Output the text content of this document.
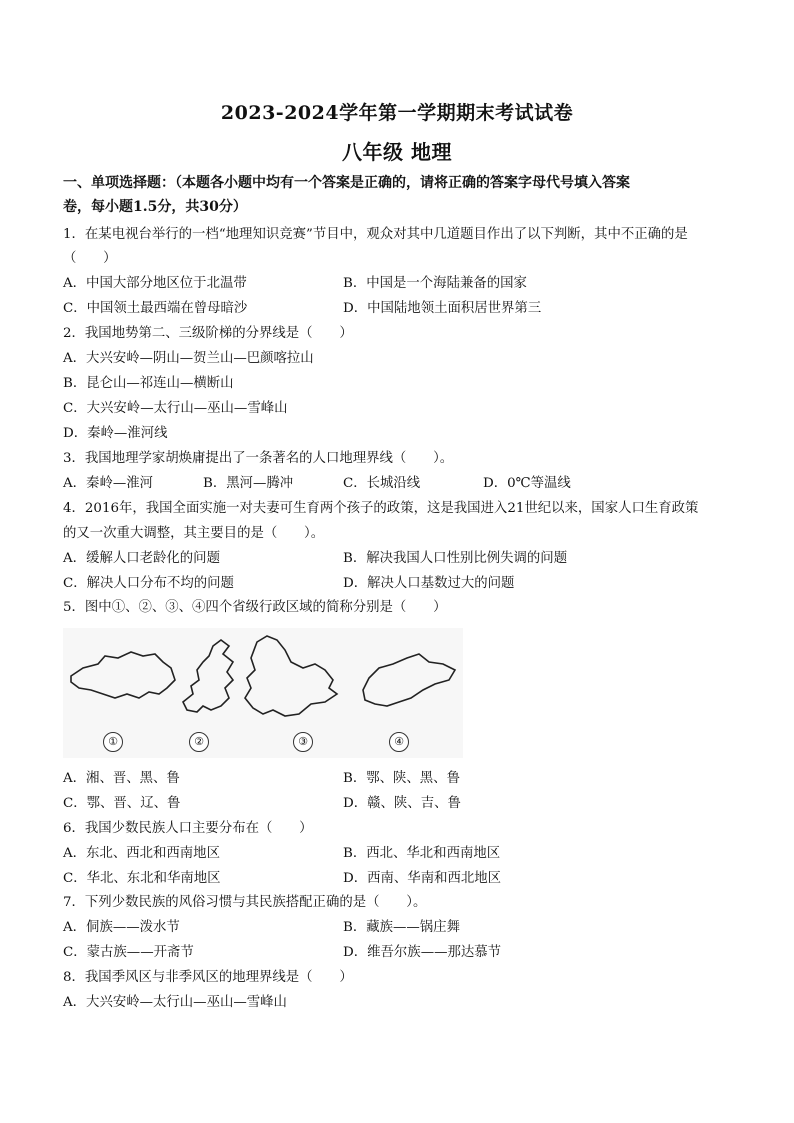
2023-2024学年第一学期期末考试试卷
八年级 地理
一、单项选择题：（本题各小题中均有一个答案是正确的，请将正确的答案字母代号填入答案
卷，每小题1.5分，共30分）
1．在某电视台举行的一档“地理知识竞赛”节目中，观众对其中几道题目作出了以下判断，其中不正确的是
（　　）
A．中国大部分地区位于北温带	B．中国是一个海陆兼备的国家
C．中国领土最西端在曾母暗沙	D．中国陆地领土面积居世界第三
2．我国地势第二、三级阶梯的分界线是（　　）
A．大兴安岭—阴山—贺兰山—巴颜喀拉山
B．昆仑山—祁连山—横断山
C．大兴安岭—太行山—巫山—雪峰山
D．秦岭—淮河线
3．我国地理学家胡焕庸提出了一条著名的人口地理界线（　　）。
A．秦岭—淮河	B．黑河—腾冲	C．长城沿线	D．0℃等温线
4．2016年，我国全面实施一对夫妻可生育两个孩子的政策，这是我国进入21世纪以来，国家人口生育政策
的又一次重大调整，其主要目的是（　　）。
A．缓解人口老龄化的问题	B．解决我国人口性别比例失调的问题
C．解决人口分布不均的问题	D．解决人口基数过大的问题
5．图中①、②、③、④四个省级行政区域的简称分别是（　　）
①	②	③	④
A．湘、晋、黑、鲁	B．鄂、陕、黑、鲁
C．鄂、晋、辽、鲁	D．赣、陕、吉、鲁
6．我国少数民族人口主要分布在（　　）
A．东北、西北和西南地区	B．西北、华北和西南地区
C．华北、东北和华南地区	D．西南、华南和西北地区
7．下列少数民族的风俗习惯与其民族搭配正确的是（　　）。
A．侗族——泼水节	B．藏族——锅庄舞
C．蒙古族——开斋节	D．维吾尔族——那达慕节
8．我国季风区与非季风区的地理界线是（　　）
A．大兴安岭—太行山—巫山—雪峰山
